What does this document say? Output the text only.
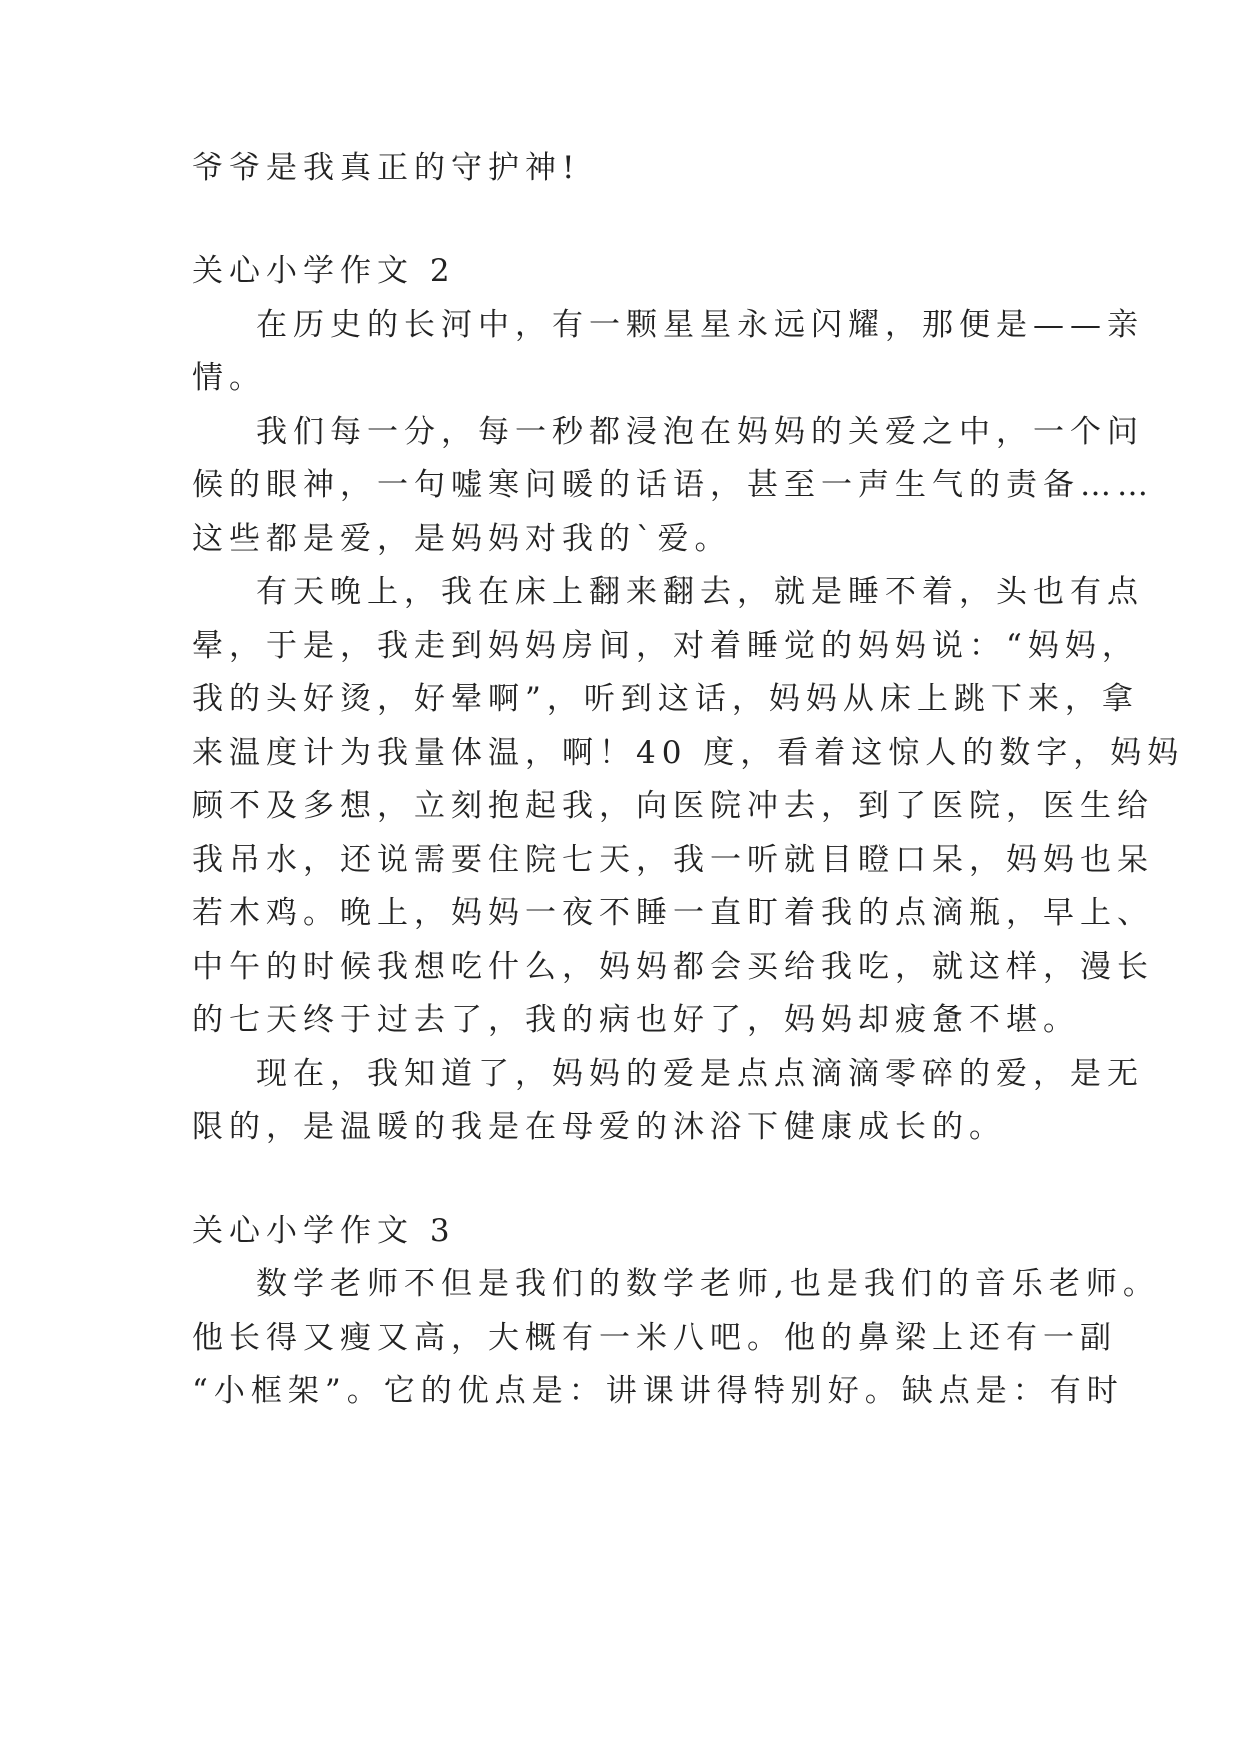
爷爷是我真正的守护神!
关心小学作文 2
在历史的长河中，有一颗星星永远闪耀，那便是——亲
情。
我们每一分，每一秒都浸泡在妈妈的关爱之中，一个问
候的眼神，一句嘘寒问暖的话语，甚至一声生气的责备……
这些都是爱，是妈妈对我的`爱。
有天晚上，我在床上翻来翻去，就是睡不着，头也有点
晕，于是，我走到妈妈房间，对着睡觉的妈妈说：“妈妈，
我的头好烫，好晕啊”，听到这话，妈妈从床上跳下来，拿
来温度计为我量体温，啊！40 度，看着这惊人的数字，妈妈
顾不及多想，立刻抱起我，向医院冲去，到了医院，医生给
我吊水，还说需要住院七天，我一听就目瞪口呆，妈妈也呆
若木鸡。晚上，妈妈一夜不睡一直盯着我的点滴瓶，早上、
中午的时候我想吃什么，妈妈都会买给我吃，就这样，漫长
的七天终于过去了，我的病也好了，妈妈却疲惫不堪。
现在，我知道了，妈妈的爱是点点滴滴零碎的爱，是无
限的，是温暖的我是在母爱的沐浴下健康成长的。
关心小学作文 3
数学老师不但是我们的数学老师,也是我们的音乐老师。
他长得又瘦又高，大概有一米八吧。他的鼻梁上还有一副
“小框架”。它的优点是：讲课讲得特别好。缺点是：有时
